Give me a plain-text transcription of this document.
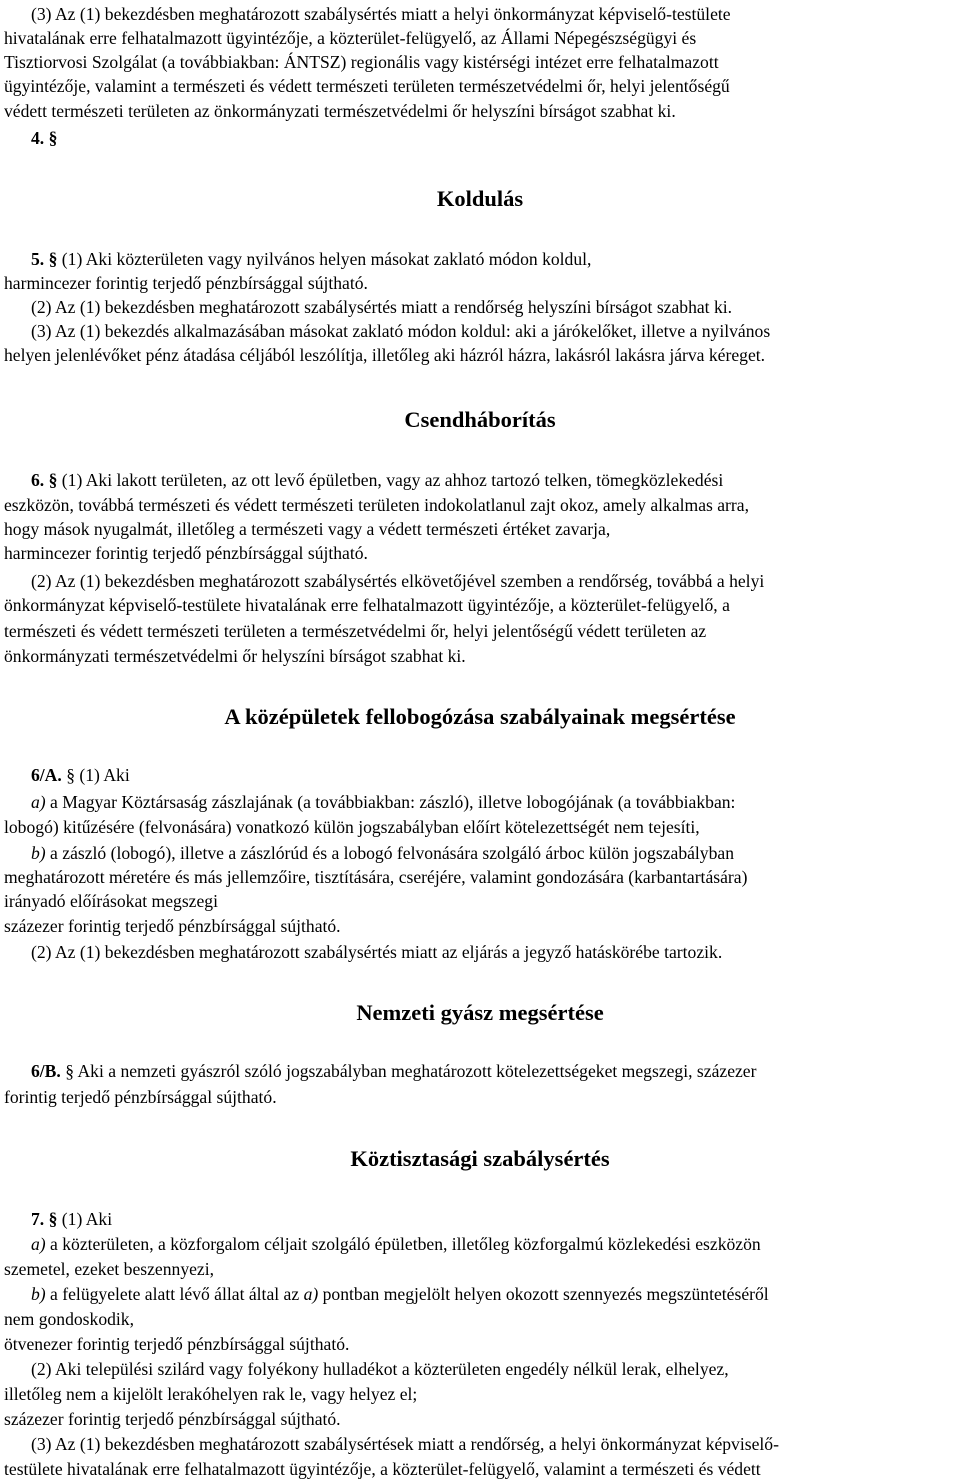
(3) Az (1) bekezdésben meghatározott szabálysértés miatt a helyi önkormányzat képviselő-testülete
hivatalának erre felhatalmazott ügyintézője, a közterület-felügyelő, az Állami Népegészségügyi és
Tisztiorvosi Szolgálat (a továbbiakban: ÁNTSZ) regionális vagy kistérségi intézet erre felhatalmazott
ügyintézője, valamint a természeti és védett természeti területen természetvédelmi őr, helyi jelentőségű
védett természeti területen az önkormányzati természetvédelmi őr helyszíni bírságot szabhat ki.
4. §
Koldulás
5. § (1) Aki közterületen vagy nyilvános helyen másokat zaklató módon koldul,
harmincezer forintig terjedő pénzbírsággal sújtható.
(2) Az (1) bekezdésben meghatározott szabálysértés miatt a rendőrség helyszíni bírságot szabhat ki.
(3) Az (1) bekezdés alkalmazásában másokat zaklató módon koldul: aki a járókelőket, illetve a nyilvános
helyen jelenlévőket pénz átadása céljából leszólítja, illetőleg aki házról házra, lakásról lakásra járva kéreget.
Csendháborítás
6. § (1) Aki lakott területen, az ott levő épületben, vagy az ahhoz tartozó telken, tömegközlekedési
eszközön, továbbá természeti és védett természeti területen indokolatlanul zajt okoz, amely alkalmas arra,
hogy mások nyugalmát, illetőleg a természeti vagy a védett természeti értéket zavarja,
harmincezer forintig terjedő pénzbírsággal sújtható.
(2) Az (1) bekezdésben meghatározott szabálysértés elkövetőjével szemben a rendőrség, továbbá a helyi
önkormányzat képviselő-testülete hivatalának erre felhatalmazott ügyintézője, a közterület-felügyelő, a
természeti és védett természeti területen a természetvédelmi őr, helyi jelentőségű védett területen az
önkormányzati természetvédelmi őr helyszíni bírságot szabhat ki.
A középületek fellobogózása szabályainak megsértése
6/A. § (1) Aki
a) a Magyar Köztársaság zászlajának (a továbbiakban: zászló), illetve lobogójának (a továbbiakban:
lobogó) kitűzésére (felvonására) vonatkozó külön jogszabályban előírt kötelezettségét nem tejesíti,
b) a zászló (lobogó), illetve a zászlórúd és a lobogó felvonására szolgáló árboc külön jogszabályban
meghatározott méretére és más jellemzőire, tisztítására, cseréjére, valamint gondozására (karbantartására)
irányadó előírásokat megszegi
százezer forintig terjedő pénzbírsággal sújtható.
(2) Az (1) bekezdésben meghatározott szabálysértés miatt az eljárás a jegyző hatáskörébe tartozik.
Nemzeti gyász megsértése
6/B. § Aki a nemzeti gyászról szóló jogszabályban meghatározott kötelezettségeket megszegi, százezer
forintig terjedő pénzbírsággal sújtható.
Köztisztasági szabálysértés
7. § (1) Aki
a) a közterületen, a közforgalom céljait szolgáló épületben, illetőleg közforgalmú közlekedési eszközön
szemetel, ezeket beszennyezi,
b) a felügyelete alatt lévő állat által az a) pontban megjelölt helyen okozott szennyezés megszüntetéséről
nem gondoskodik,
ötvenezer forintig terjedő pénzbírsággal sújtható.
(2) Aki települési szilárd vagy folyékony hulladékot a közterületen engedély nélkül lerak, elhelyez,
illetőleg nem a kijelölt lerakóhelyen rak le, vagy helyez el;
százezer forintig terjedő pénzbírsággal sújtható.
(3) Az (1) bekezdésben meghatározott szabálysértések miatt a rendőrség, a helyi önkormányzat képviselő-
testülete hivatalának erre felhatalmazott ügyintézője, a közterület-felügyelő, valamint a természeti és védett
